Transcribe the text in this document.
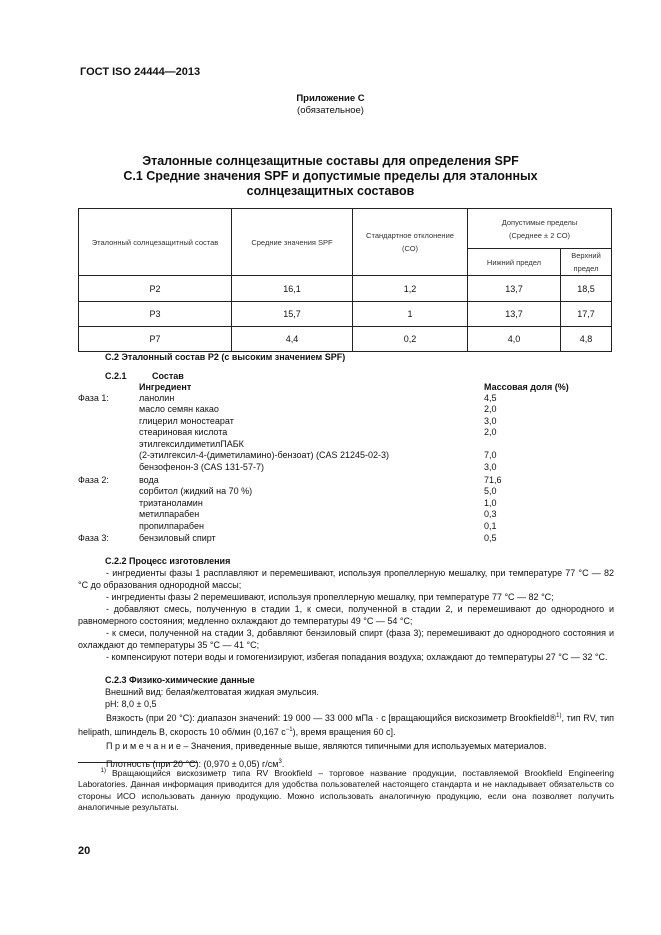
ГОСТ ISO 24444—2013
Приложение С
(обязательное)
Эталонные солнцезащитные составы для определения SPF
С.1 Средние значения SPF и допустимые пределы для эталонных
солнцезащитных составов
Эталонный солнцезащитный состав	Средние значения SPF	Стандартное отклонение (СО)	Допустимые пределы (Среднее ± 2 СО)	
			Нижний предел	Верхний предел
P2	16,1	1,2	13,7	18,5
P3	15,7	1	13,7	17,7
P7	4,4	0,2	4,0	4,8
С.2 Эталонный состав Р2 (с высоким значением SPF)
С.2.1	Состав
Ингредиент	Массовая доля (%)
Фаза 1:	ланолин	4,5
масло семян какао	2,0
глицерил моностеарат	3,0
стеариновая кислота	2,0
этилгексилдиметилПАБК
(2-этилгексил-4-(диметиламино)-бензоат) (CAS 21245-02-3)	7,0
бензофенон-3 (CAS 131-57-7)	3,0
Фаза 2:	вода	71,6
сорбитол (жидкий на 70 %)	5,0
триэтаноламин	1,0
метилпарабен	0,3
пропилпарабен	0,1
Фаза 3:	бензиловый спирт	0,5
С.2.2 Процесс изготовления
- ингредиенты фазы 1 расплавляют и перемешивают, используя пропеллерную мешалку, при температуре 77 °С — 82 °С до образования однородной массы;
- ингредиенты фазы 2 перемешивают, используя пропеллерную мешалку, при температуре 77 °С — 82 °С;
- добавляют смесь, полученную в стадии 1, к смеси, полученной в стадии 2, и перемешивают до однородного и равномерного состояния; медленно охлаждают до температуры 49 °С — 54 °С;
- к смеси, полученной на стадии 3, добавляют бензиловый спирт (фаза 3); перемешивают до однородного состояния и охлаждают до температуры 35 °С — 41 °С;
- компенсируют потери воды и гомогенизируют, избегая попадания воздуха; охлаждают до температуры 27 °С — 32 °С.
С.2.3 Физико-химические данные
Внешний вид: белая/желтоватая жидкая эмульсия.
рН: 8,0 ± 0,5
Вязкость (при 20 °С): диапазон значений: 19 000 — 33 000 мПа · с [вращающийся вискозиметр Brookfield®$^{1)}$, тип RV, тип helipath, шпиндель В, скорость 10 об/мин (0,167 $с^{-1}$), время вращения 60 с].
П р и м е ч а н и е – Значения, приведенные выше, являются типичными для используемых материалов.
Плотность (при 20 °С): (0,970 ± 0,05) $г/см^3$.
$^{1)}$ Вращающийся вискозиметр типа RV Brookfield – торговое название продукции, поставляемой Brookfield Engineering Laboratories. Данная информация приводится для удобства пользователей настоящего стандарта и не накладывает обязательств со стороны ИСО использовать данную продукцию. Можно использовать аналогичную продукцию, если она позволяет получить аналогичные результаты.
20
